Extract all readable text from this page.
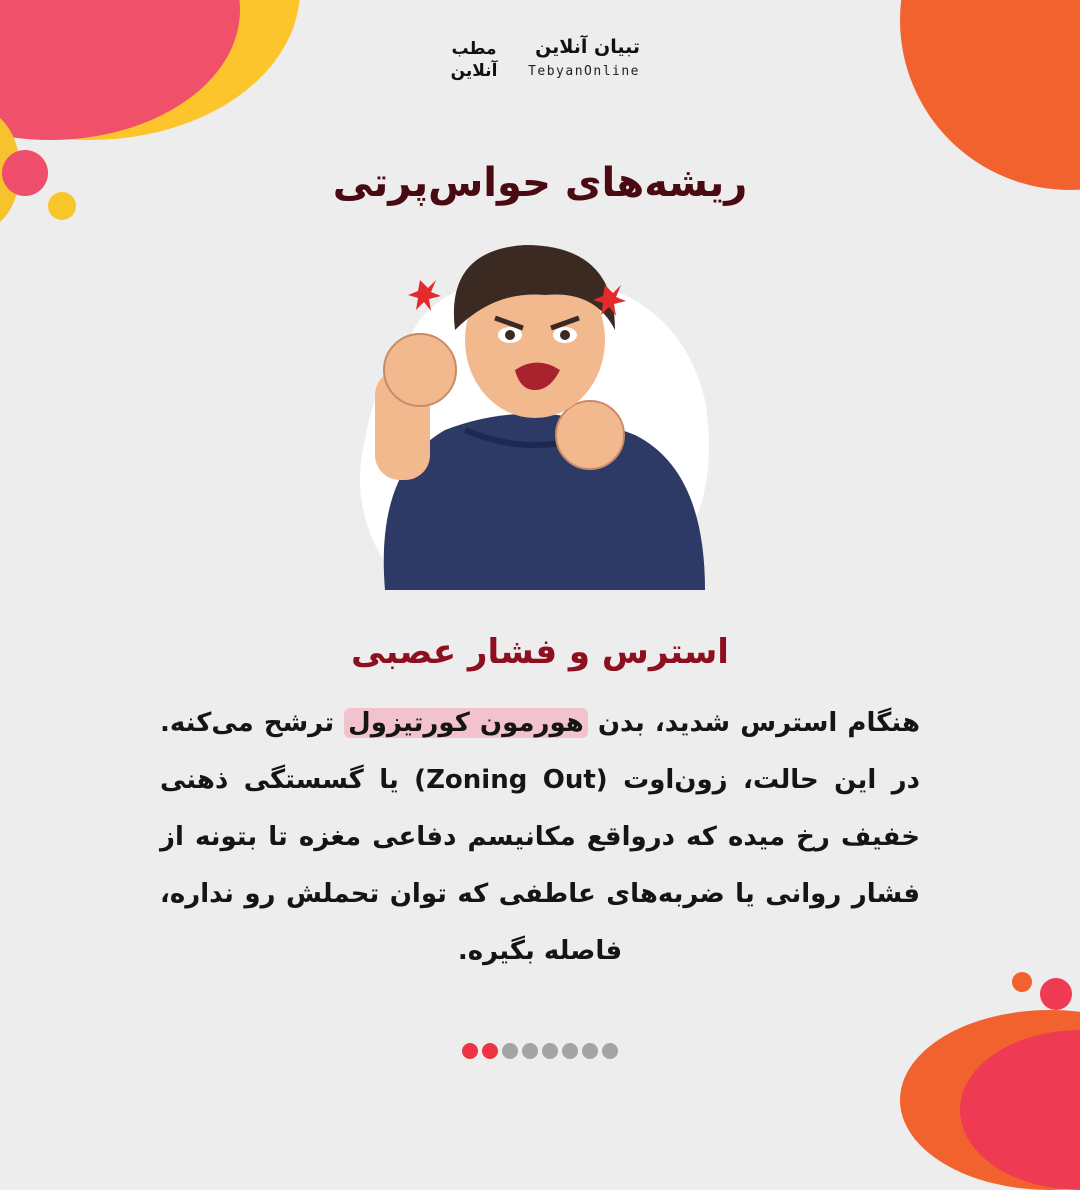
تبیان آنلاین
TebyanOnline
مطب آنلاین
ریشه‌های حواس‌پرتی
استرس و فشار عصبی
هنگام استرس شدید، بدن هورمون کورتیزول ترشح می‌کنه. در این حالت، زون‌اوت (Zoning Out) یا گسستگی ذهنی خفیف رخ میده که درواقع مکانیسم دفاعی مغزه تا بتونه از فشار روانی یا ضربه‌های عاطفی که توان تحملش رو نداره، فاصله بگیره.
